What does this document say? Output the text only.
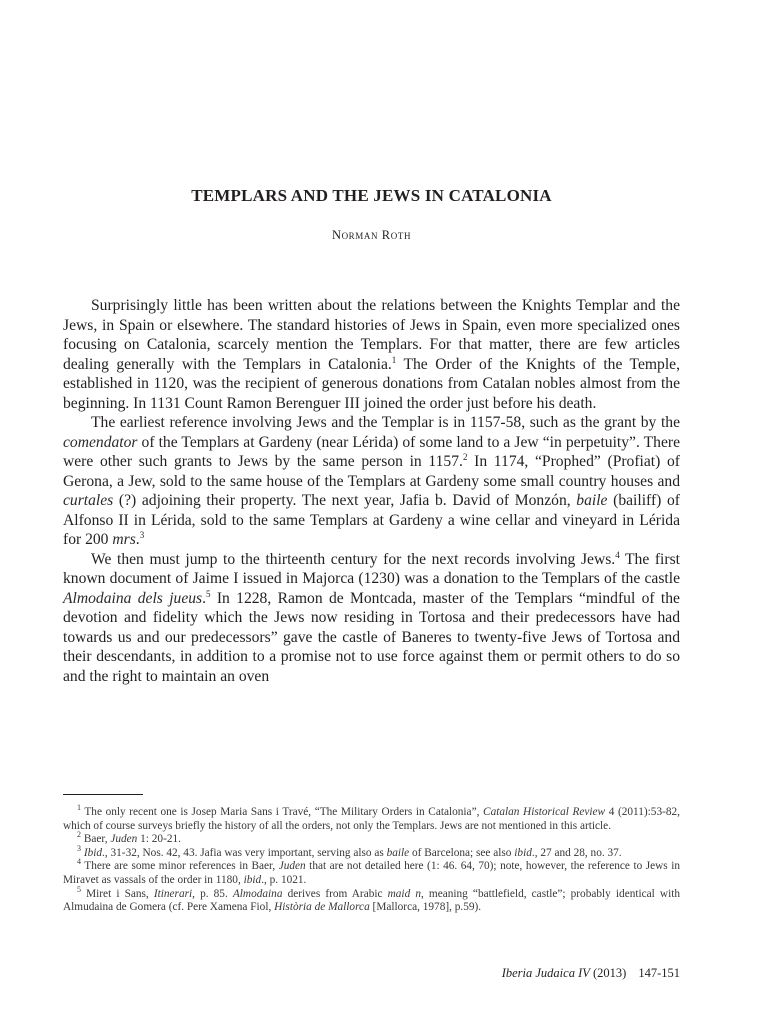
TEMPLARS AND THE JEWS IN CATALONIA
Norman Roth

Surprisingly little has been written about the relations between the Knights Templar and the Jews, in Spain or elsewhere. The standard histories of Jews in Spain, even more specialized ones focusing on Catalonia, scarcely mention the Templars. For that matter, there are few articles dealing generally with the Templars in Catalonia.$^1$ The Order of the Knights of the Temple, established in 1120, was the recipient of generous donations from Catalan nobles almost from the beginning. In 1131 Count Ramon Berenguer III joined the order just before his death.

The earliest reference involving Jews and the Templar is in 1157-58, such as the grant by the comendator of the Templars at Gardeny (near Lérida) of some land to a Jew “in perpetuity”. There were other such grants to Jews by the same person in 1157.$^2$ In 1174, “Prophed” (Profiat) of Gerona, a Jew, sold to the same house of the Templars at Gardeny some small country houses and curtales (?) adjoining their property. The next year, Jafia b. David of Monzón, baile (bailiff) of Alfonso II in Lérida, sold to the same Templars at Gardeny a wine cellar and vineyard in Lérida for 200 mrs.$^3$

We then must jump to the thirteenth century for the next records involving Jews.$^4$ The first known document of Jaime I issued in Majorca (1230) was a donation to the Templars of the castle Almodaina dels jueus.$^5$ In 1228, Ramon de Montcada, master of the Templars “mindful of the devotion and fidelity which the Jews now residing in Tortosa and their predecessors have had towards us and our predecessors” gave the castle of Baneres to twenty-five Jews of Tortosa and their descendants, in addition to a promise not to use force against them or permit others to do so and the right to maintain an oven

$^1$ The only recent one is Josep Maria Sans i Travé, “The Military Orders in Catalonia”, Catalan Historical Review 4 (2011):53-82, which of course surveys briefly the history of all the orders, not only the Templars. Jews are not mentioned in this article.

$^2$ Baer, Juden 1: 20-21.

$^3$ Ibid., 31-32, Nos. 42, 43. Jafia was very important, serving also as baile of Barcelona; see also ibid., 27 and 28, no. 37.

$^4$ There are some minor references in Baer, Juden that are not detailed here (1: 46. 64, 70); note, however, the reference to Jews in Miravet as vassals of the order in 1180, ibid., p. 1021.

$^5$ Miret i Sans, Itinerari, p. 85. Almodaina derives from Arabic maid n, meaning “battlefield, castle”; probably identical with Almudaina de Gomera (cf. Pere Xamena Fiol, Història de Mallorca [Mallorca, 1978], p.59).

Iberia Judaica IV (2013) 147-151
